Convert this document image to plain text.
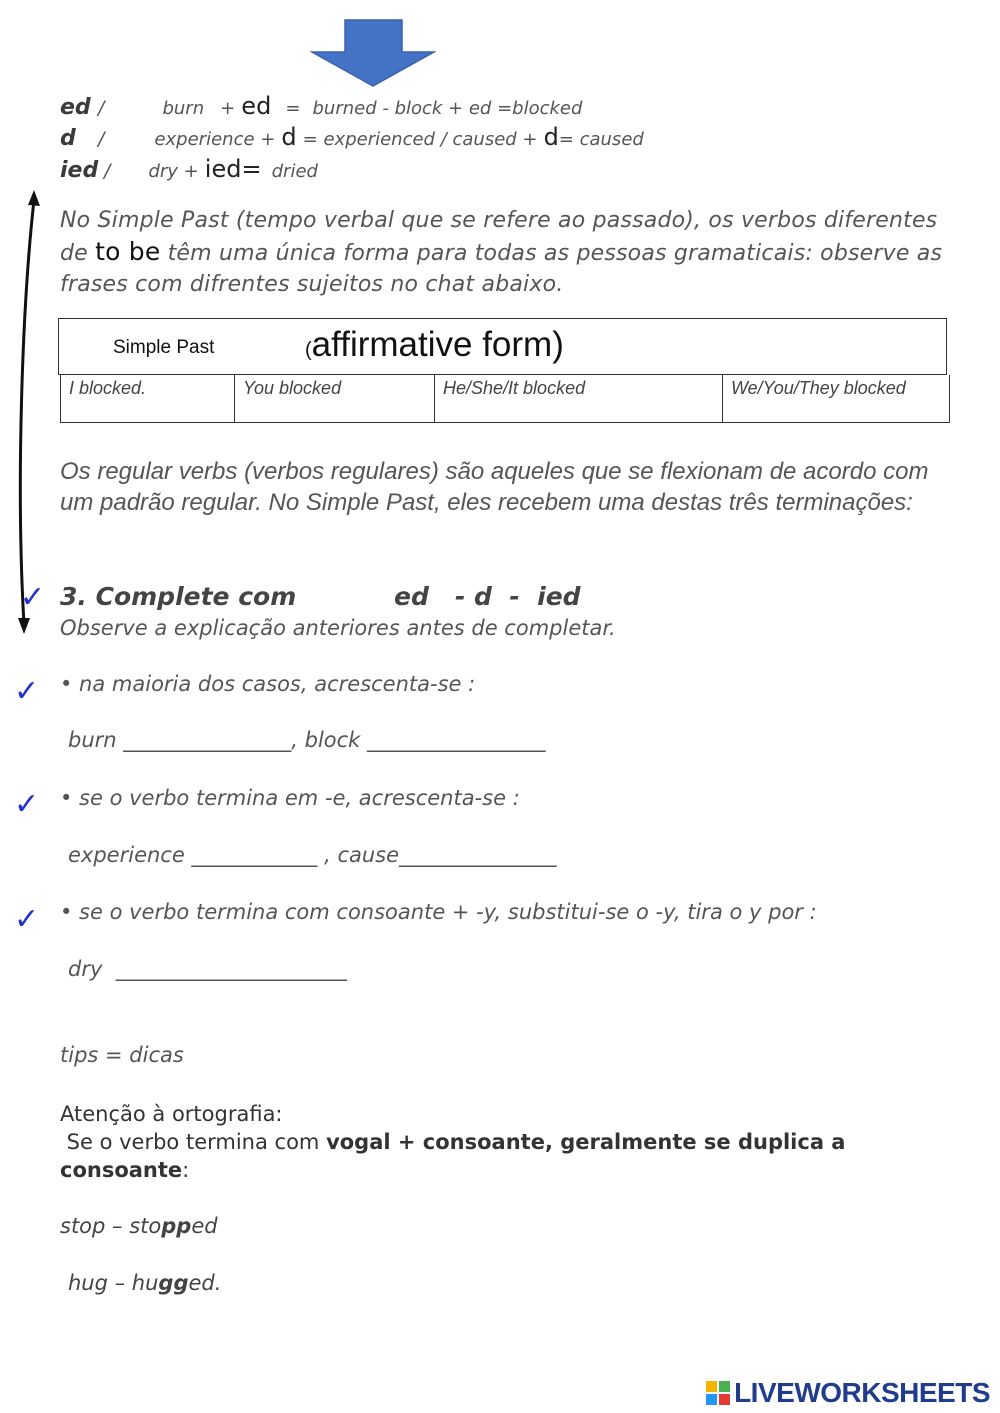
ed /	burn + ed = burned - block + ed =blocked
d /	experience + d = experienced / caused + d= caused
ied / dry + ied= dried
No Simple Past (tempo verbal que se refere ao passado), os verbos diferentes de to be têm uma única forma para todas as pessoas gramaticais: observe as frases com difrentes sujeitos no chat abaixo.
Simple Past	(affirmative form)
I blocked.	You blocked	He/She/It blocked	We/You/They blocked
Os regular verbs (verbos regulares) são aqueles que se flexionam de acordo com um padrão regular. No Simple Past, eles recebem uma destas três terminações:
✓ 3. Complete com	ed   - d  -  ied
Observe a explicação anteriores antes de completar.
✓ • na maioria dos casos, acrescenta-se :
burn ________________, block _________________
✓ • se o verbo termina em -e, acrescenta-se :
experience ____________ , cause_______________
✓ • se o verbo termina com consoante + -y, substitui-se o -y, tira o y por :
dry  ______________________
tips = dicas
Atenção à ortografia:
Se o verbo termina com vogal + consoante, geralmente se duplica a consoante:
stop – stopped
hug – hugged.
LIVEWORKSHEETS
